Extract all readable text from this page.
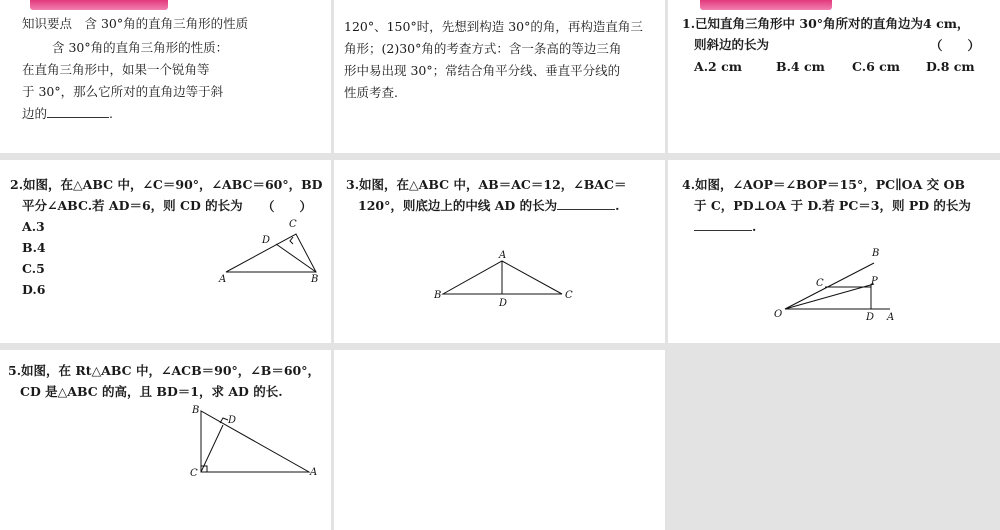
知识要点　含 30°角的直角三角形的性质
含 30°角的直角三角形的性质：
在直角三角形中，如果一个锐角等
于 30°，那么它所对的直角边等于斜
边的	.
120°、150°时，先想到构造 30°的角，再构造直角三
角形；(2)30°角的考查方式：含一条高的等边三角
形中易出现 30°；常结合角平分线、垂直平分线的
性质考查.
1.已知直角三角形中 30°角所对的直角边为4 cm，
则斜边的长为	（　　）
A.2 cm	B.4 cm C.6 cm D.8 cm
2.如图，在△ABC 中，∠C＝90°，∠ABC＝60°，BD
平分∠ABC.若 AD＝6，则 CD 的长为 （　　）
A.3
B.4
C.5
D.6
A	B
C
D
3.如图，在△ABC 中，AB＝AC＝12，∠BAC＝
120°，则底边上的中线 AD 的长为	.
A
B	C
D
4.如图，∠AOP＝∠BOP＝15°，PC∥OA 交 OB
于 C，PD⊥OA 于 D.若 PC＝3，则 PD 的长为
.
B
C	P
O	D A
5.如图，在 Rt△ABC 中，∠ACB＝90°，∠B＝60°，
CD 是△ABC 的高，且 BD＝1，求 AD 的长.
B
D
C	A
